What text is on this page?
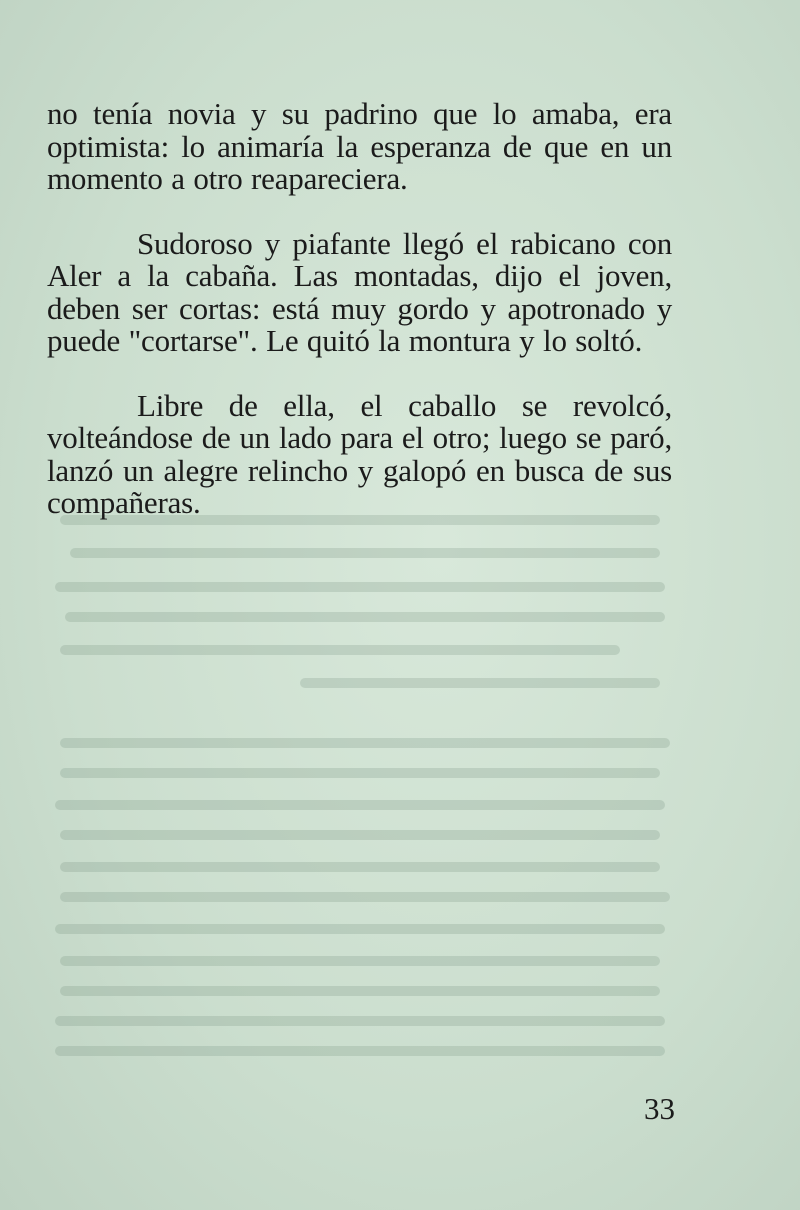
no tenía novia y su padrino que lo amaba, era optimista: lo animaría la esperanza de que en un momento a otro reapareciera.

Sudoroso y piafante llegó el rabicano con Aler a la cabaña. Las montadas, dijo el joven, deben ser cortas: está muy gordo y apotronado y puede "cortarse". Le quitó la montura y lo soltó.

Libre de ella, el caballo se revolcó, volteándose de un lado para el otro; luego se paró, lanzó un alegre relincho y galopó en busca de sus compañeras.

33
